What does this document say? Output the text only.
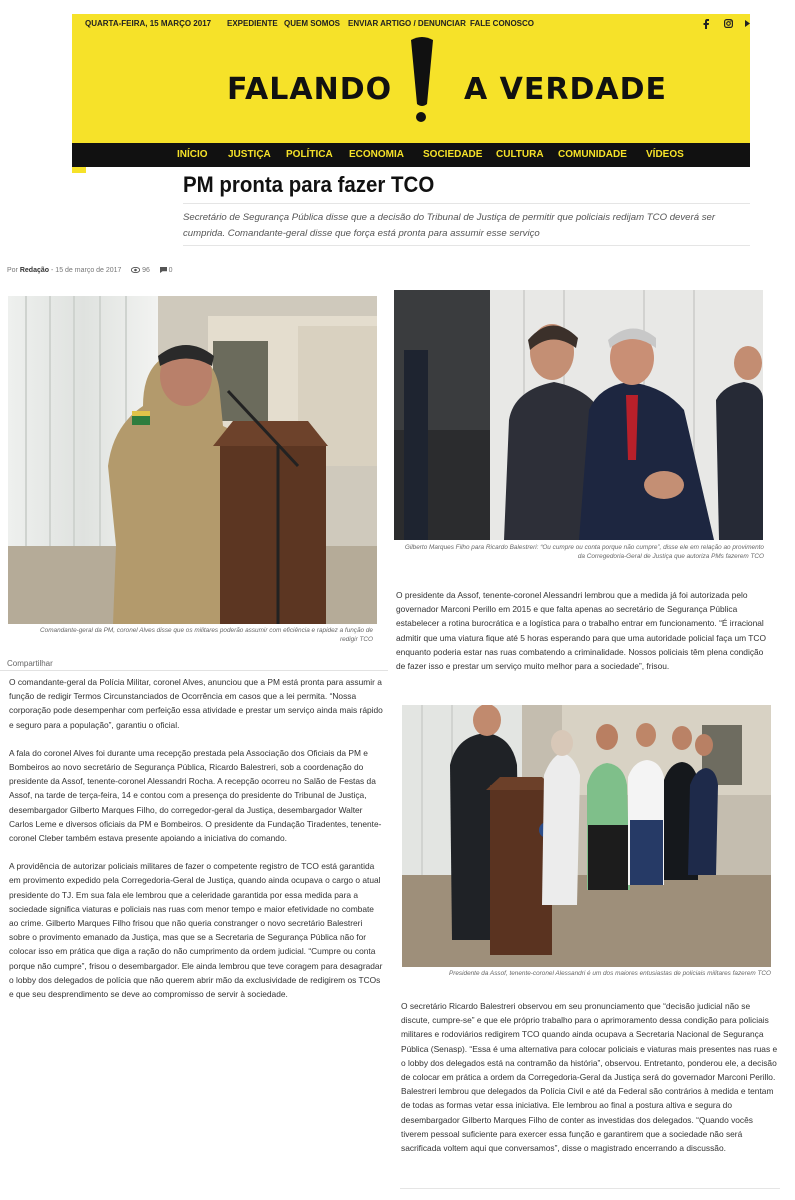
QUARTA-FEIRA, 15 MARÇO 2017 EXPEDIENTE QUEM SOMOS ENVIAR ARTIGO / DENUNCIAR FALE CONOSCO
FALANDO A VERDADE
INÍCIO JUSTIÇA POLÍTICA ECONOMIA SOCIEDADE CULTURA COMUNIDADE VÍDEOS
PM pronta para fazer TCO

Secretário de Segurança Pública disse que a decisão do Tribunal de Justiça de permitir que policiais redijam TCO deverá ser cumprida. Comandante-geral disse que força está pronta para assumir esse serviço

Por Redação - 15 de março de 2017	96	0
Comandante-geral da PM, coronel Alves disse que os militares poderão assumir com eficiência e rapidez a função de redigir TCO
Gilberto Marques Filho para Ricardo Balestreri: “Ou cumpre ou conta porque não cumpre”, disse ele em relação ao provimento da Corregedoria-Geral de Justiça que autoriza PMs fazerem TCO
Compartilhar

O comandante-geral da Polícia Militar, coronel Alves, anunciou que a PM está pronta para assumir a função de redigir Termos Circunstanciados de Ocorrência em casos que a lei permita. “Nossa corporação pode desempenhar com perfeição essa atividade e prestar um serviço ainda mais rápido e seguro para a população”, garantiu o oficial.

A fala do coronel Alves foi durante uma recepção prestada pela Associação dos Oficiais da PM e Bombeiros ao novo secretário de Segurança Pública, Ricardo Balestreri, sob a coordenação do presidente da Assof, tenente-coronel Alessandri Rocha. A recepção ocorreu no Salão de Festas da Assof, na tarde de terça-feira, 14 e contou com a presença do presidente do Tribunal de Justiça, desembargador Gilberto Marques Filho, do corregedor-geral da Justiça, desembargador Walter Carlos Leme e diversos oficiais da PM e Bombeiros. O presidente da Fundação Tiradentes, tenente-coronel Cleber também estava presente apoiando a iniciativa do comando.

A providência de autorizar policiais militares de fazer o competente registro de TCO está garantida em provimento expedido pela Corregedoria-Geral de Justiça, quando ainda ocupava o cargo o atual presidente do TJ. Em sua fala ele lembrou que a celeridade garantida por essa medida para a sociedade significa viaturas e policiais nas ruas com menor tempo e maior efetividade no combate ao crime. Gilberto Marques Filho frisou que não queria constranger o novo secretário Balestreri sobre o provimento emanado da Justiça, mas que se a Secretaria de Segurança Pública não for colocar isso em prática que diga a ração do não cumprimento da ordem judicial. “Cumpre ou conta porque não cumpre”, frisou o desembargador. Ele ainda lembrou que teve coragem para desagradar o lobby dos delegados de polícia que não querem abrir mão da exclusividade de redigirem os TCOs e que seu desprendimento se deve ao compromisso de servir à sociedade.

O presidente da Assof, tenente-coronel Alessandri lembrou que a medida já foi autorizada pelo governador Marconi Perillo em 2015 e que falta apenas ao secretário de Segurança Pública estabelecer a rotina burocrática e a logística para o trabalho entrar em funcionamento. “É irracional admitir que uma viatura fique até 5 horas esperando para que uma autoridade policial faça um TCO enquanto poderia estar nas ruas combatendo a criminalidade. Nossos policiais têm plena condição de fazer isso e prestar um serviço muito melhor para a sociedade”, frisou.

Presidente da Assof, tenente-coronel Alessandri é um dos maiores entusiastas de policiais militares fazerem TCO

O secretário Ricardo Balestreri observou em seu pronunciamento que “decisão judicial não se discute, cumpre-se” e que ele próprio trabalho para o aprimoramento dessa condição para policiais militares e rodoviários redigirem TCO quando ainda ocupava a Secretaria Nacional de Segurança Pública (Senasp). “Essa é uma alternativa para colocar policiais e viaturas mais presentes nas ruas e o lobby dos delegados está na contramão da história”, observou. Entretanto, ponderou ele, a decisão de colocar em prática a ordem da Corregedoria-Geral da Justiça será do governador Marconi Perillo. Balestreri lembrou que delegados da Polícia Civil e até da Federal são contrários à medida e tentam de todas as formas vetar essa iniciativa. Ele lembrou ao final a postura altiva e segura do desembargador Gilberto Marques Filho de conter as investidas dos delegados. “Quando vocês tiverem pessoal suficiente para exercer essa função e garantirem que a sociedade não será sacrificada voltem aqui que conversamos”, disse o magistrado encerrando a discussão.
